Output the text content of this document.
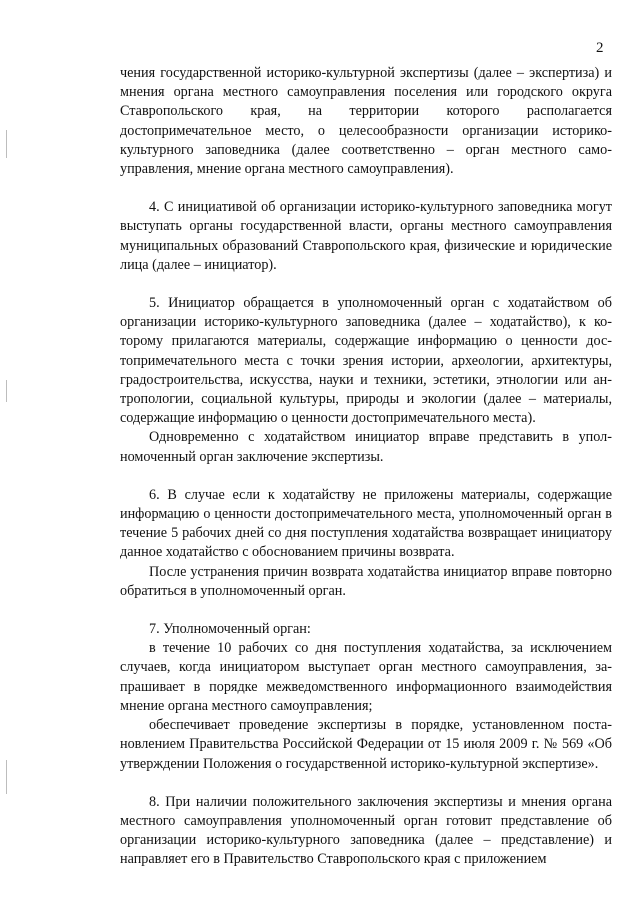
2

чения государственной историко-культурной экспертизы (далее – экспертиза) и мнения органа местного самоуправления поселения или городского округа Ставропольского края, на территории которого располагается достопримечательное место, о целесообразности организации историко-культурного заповедника (далее соответственно – орган местного самоуправления, мнение органа местного самоуправления).

4. С инициативой об организации историко-культурного заповедника могут выступать органы государственной власти, органы местного самоуправления муниципальных образований Ставропольского края, физические и юридические лица (далее – инициатор).

5. Инициатор обращается в уполномоченный орган с ходатайством об организации историко-культурного заповедника (далее – ходатайство), к которому прилагаются материалы, содержащие информацию о ценности достопримечательного места с точки зрения истории, археологии, архитектуры, градостроительства, искусства, науки и техники, эстетики, этнологии или антропологии, социальной культуры, природы и экологии (далее – материалы, содержащие информацию о ценности достопримечательного места).

Одновременно с ходатайством инициатор вправе представить в уполномоченный орган заключение экспертизы.

6. В случае если к ходатайству не приложены материалы, содержащие информацию о ценности достопримечательного места, уполномоченный орган в течение 5 рабочих дней со дня поступления ходатайства возвращает инициатору данное ходатайство с обоснованием причины возврата.

После устранения причин возврата ходатайства инициатор вправе повторно обратиться в уполномоченный орган.

7. Уполномоченный орган:

в течение 10 рабочих со дня поступления ходатайства, за исключением случаев, когда инициатором выступает орган местного самоуправления, запрашивает в порядке межведомственного информационного взаимодействия мнение органа местного самоуправления;

обеспечивает проведение экспертизы в порядке, установленном постановлением Правительства Российской Федерации от 15 июля 2009 г. № 569 «Об утверждении Положения о государственной историко-культурной экспертизе».

8. При наличии положительного заключения экспертизы и мнения органа местного самоуправления уполномоченный орган готовит представление об организации историко-культурного заповедника (далее – представление) и направляет его в Правительство Ставропольского края с приложением
